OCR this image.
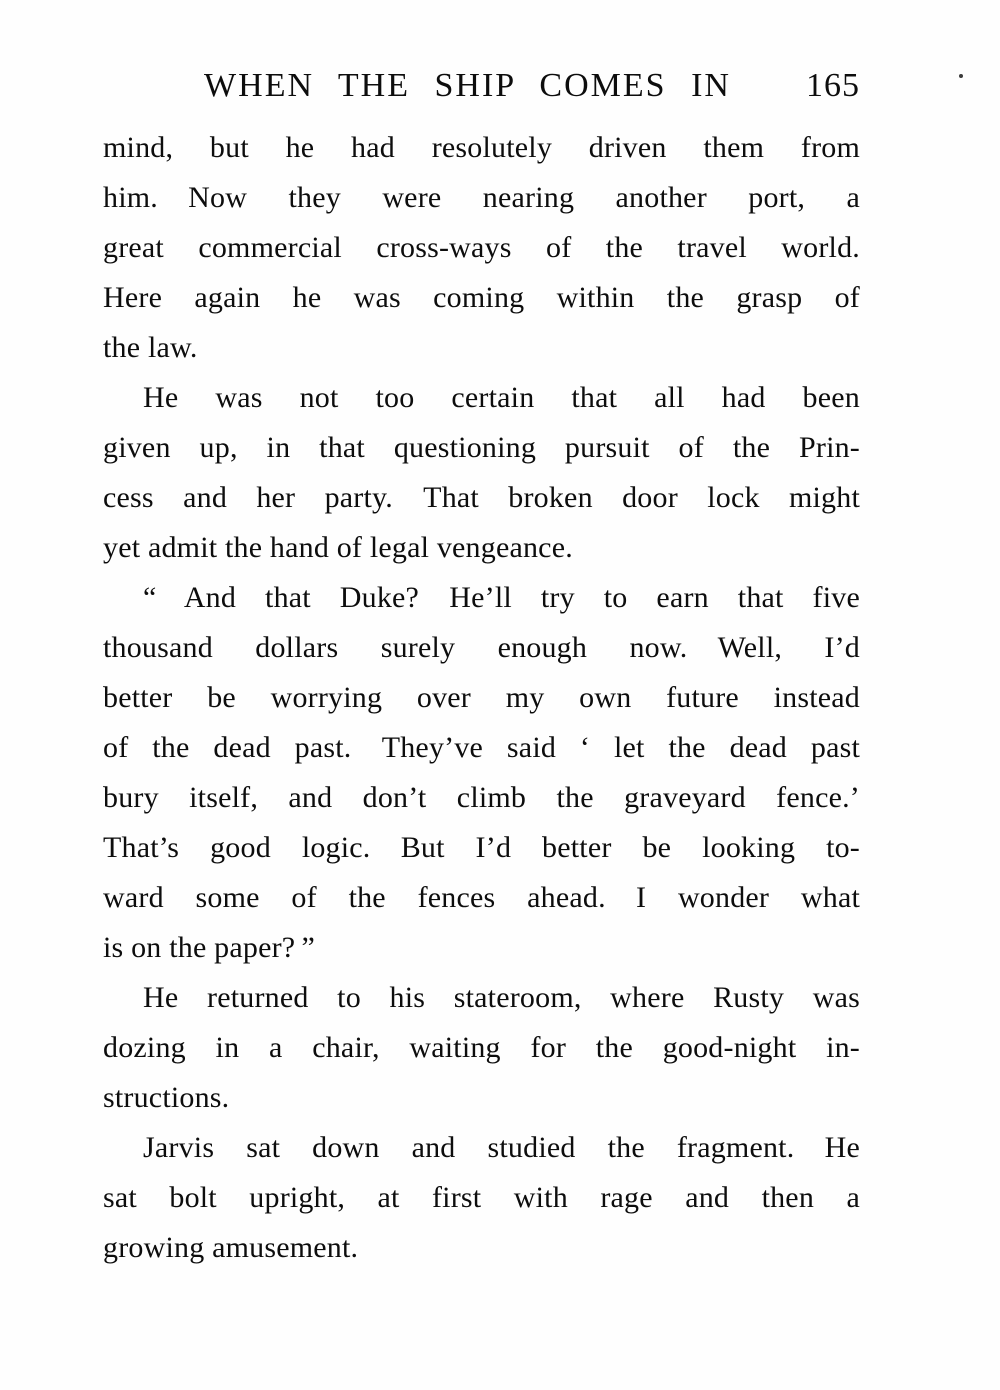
WHEN THE SHIP COMES IN 165
mind, but he had resolutely driven them from
him. Now they were nearing another port, a
great commercial cross-ways of the travel world.
Here again he was coming within the grasp of
the law.
He was not too certain that all had been
given up, in that questioning pursuit of the Prin-
cess and her party. That broken door lock might
yet admit the hand of legal vengeance.
“ And that Duke? He’ll try to earn that five
thousand dollars surely enough now. Well, I’d
better be worrying over my own future instead
of the dead past. They’ve said ‘ let the dead past
bury itself, and don’t climb the graveyard fence.’
That’s good logic. But I’d better be looking to-
ward some of the fences ahead. I wonder what
is on the paper? ”
He returned to his stateroom, where Rusty was
dozing in a chair, waiting for the good-night in-
structions.
Jarvis sat down and studied the fragment. He
sat bolt upright, at first with rage and then a
growing amusement.
